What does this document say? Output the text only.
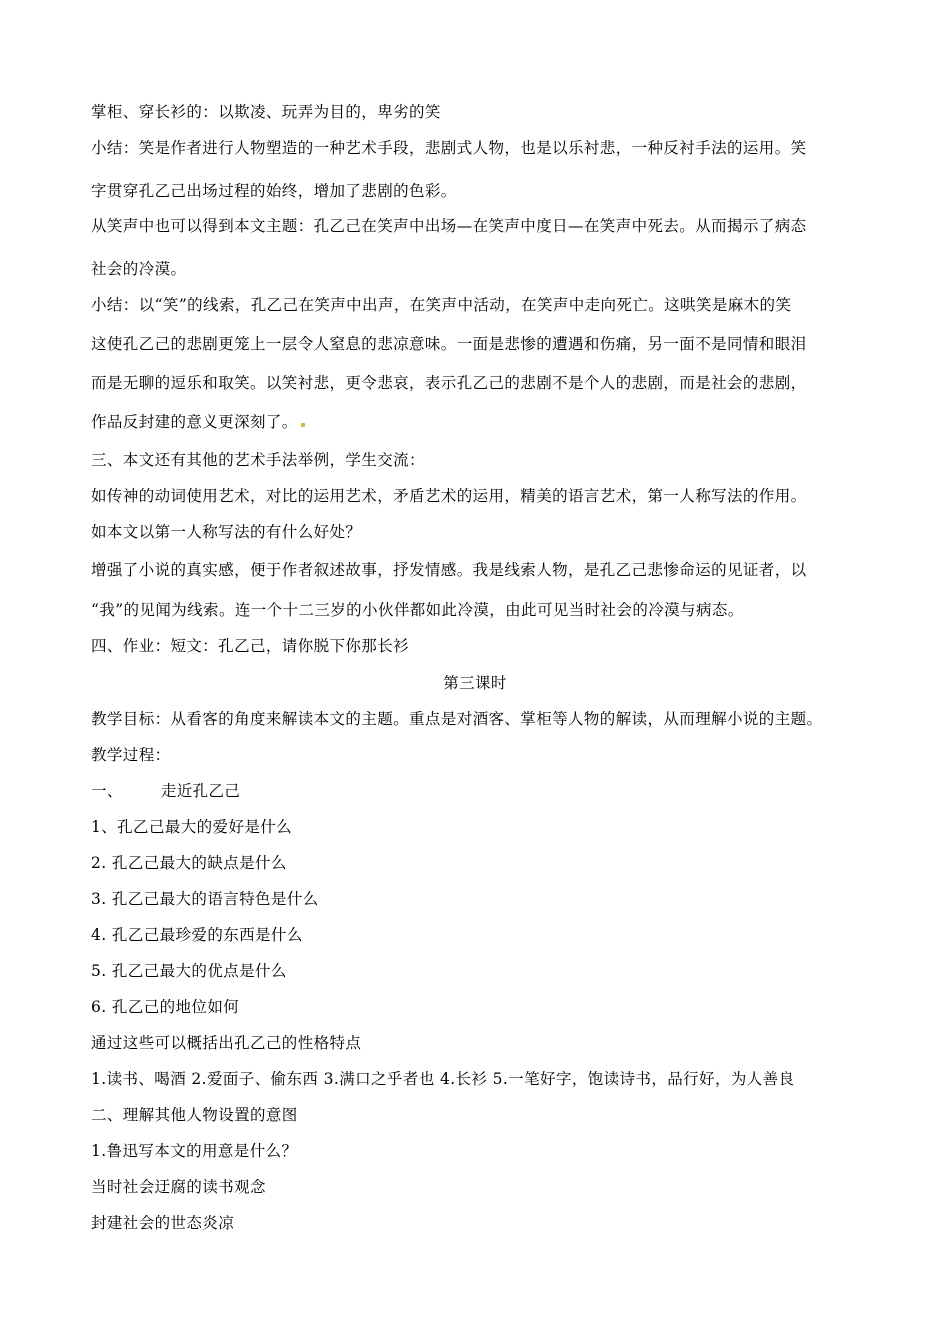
掌柜、穿长衫的：以欺凌、玩弄为目的，卑劣的笑
小结：笑是作者进行人物塑造的一种艺术手段，悲剧式人物，也是以乐衬悲，一种反衬手法的运用。笑
字贯穿孔乙己出场过程的始终，增加了悲剧的色彩。
从笑声中也可以得到本文主题：孔乙己在笑声中出场—在笑声中度日—在笑声中死去。从而揭示了病态
社会的冷漠。
小结：以“笑”的线索，孔乙己在笑声中出声，在笑声中活动，在笑声中走向死亡。这哄笑是麻木的笑
这使孔乙己的悲剧更笼上一层令人窒息的悲凉意味。一面是悲惨的遭遇和伤痛，另一面不是同情和眼泪
而是无聊的逗乐和取笑。以笑衬悲，更令悲哀，表示孔乙己的悲剧不是个人的悲剧，而是社会的悲剧，
作品反封建的意义更深刻了。
三、本文还有其他的艺术手法举例，学生交流：
如传神的动词使用艺术，对比的运用艺术，矛盾艺术的运用，精美的语言艺术，第一人称写法的作用。
如本文以第一人称写法的有什么好处？
增强了小说的真实感，便于作者叙述故事，抒发情感。我是线索人物，是孔乙己悲惨命运的见证者，以
“我”的见闻为线索。连一个十二三岁的小伙伴都如此冷漠，由此可见当时社会的冷漠与病态。
四、作业：短文：孔乙己，请你脱下你那长衫
第三课时
教学目标：从看客的角度来解读本文的主题。重点是对酒客、掌柜等人物的解读，从而理解小说的主题。
教学过程：
一、 走近孔乙己
1、孔乙己最大的爱好是什么
2. 孔乙己最大的缺点是什么
3. 孔乙己最大的语言特色是什么
4. 孔乙己最珍爱的东西是什么
5. 孔乙己最大的优点是什么
6. 孔乙己的地位如何
通过这些可以概括出孔乙己的性格特点
1.读书、喝酒 2.爱面子、偷东西 3.满口之乎者也 4.长衫 5.一笔好字，饱读诗书，品行好，为人善良
二、理解其他人物设置的意图
1.鲁迅写本文的用意是什么？
当时社会迂腐的读书观念
封建社会的世态炎凉
